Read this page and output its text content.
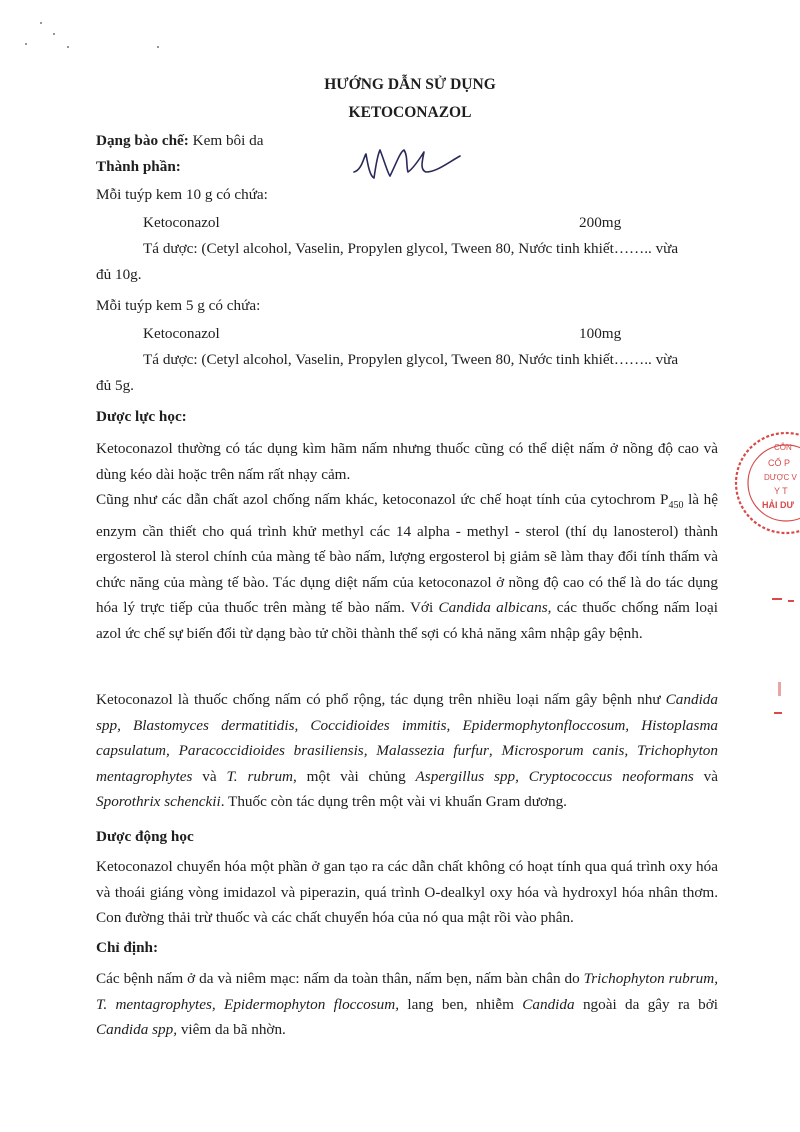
HƯỚNG DẪN SỬ DỤNG
KETOCONAZOL
Dạng bào chế: Kem bôi da
Thành phần:
Mỗi tuýp kem 10 g có chứa:
Ketoconazol	200mg
Tá dược: (Cetyl alcohol, Vaselin, Propylen glycol, Tween 80, Nước tinh khiết…….. vừa
đủ 10g.
Mỗi tuýp kem 5 g có chứa:
Ketoconazol	100mg
Tá dược: (Cetyl alcohol, Vaselin, Propylen glycol, Tween 80, Nước tinh khiết…….. vừa
đủ 5g.
Dược lực học:

Ketoconazol thường có tác dụng kìm hãm nấm nhưng thuốc cũng có thể diệt nấm ở nồng độ cao và dùng kéo dài hoặc trên nấm rất nhạy cảm.

Cũng như các dẫn chất azol chống nấm khác, ketoconazol ức chế hoạt tính của cytochrom $P_{450}$ là hệ enzym cần thiết cho quá trình khử methyl các 14 alpha - methyl - sterol (thí dụ lanosterol) thành ergosterol là sterol chính của màng tế bào nấm, lượng ergosterol bị giảm sẽ làm thay đổi tính thấm và chức năng của màng tế bào. Tác dụng diệt nấm của ketoconazol ở nồng độ cao có thể là do tác dụng hóa lý trực tiếp của thuốc trên màng tế bào nấm. Với Candida albicans, các thuốc chống nấm loại azol ức chế sự biến đổi từ dạng bào tử chồi thành thể sợi có khả năng xâm nhập gây bệnh.

Ketoconazol là thuốc chống nấm có phổ rộng, tác dụng trên nhiều loại nấm gây bệnh như Candida spp, Blastomyces dermatitidis, Coccidioides immitis, Epidermophytonfloccosum, Histoplasma capsulatum, Paracoccidioides brasiliensis, Malassezia furfur, Microsporum canis, Trichophyton mentagrophytes và T. rubrum, một vài chủng Aspergillus spp, Cryptococcus neoformans và Sporothrix schenckii. Thuốc còn tác dụng trên một vài vi khuẩn Gram dương.

Dược động học

Ketoconazol chuyển hóa một phần ở gan tạo ra các dẫn chất không có hoạt tính qua quá trình oxy hóa và thoái giáng vòng imidazol và piperazin, quá trình O-dealkyl oxy hóa và hydroxyl hóa nhân thơm. Con đường thải trừ thuốc và các chất chuyển hóa của nó qua mật rồi vào phân.

Chỉ định:

Các bệnh nấm ở da và niêm mạc: nấm da toàn thân, nấm bẹn, nấm bàn chân do Trichophyton rubrum, T. mentagrophytes, Epidermophyton floccosum, lang ben, nhiễm Candida ngoài da gây ra bởi Candida spp, viêm da bã nhờn.

CÔN
CỔ P
DƯỢC V
Y T
HẢI DƯ
